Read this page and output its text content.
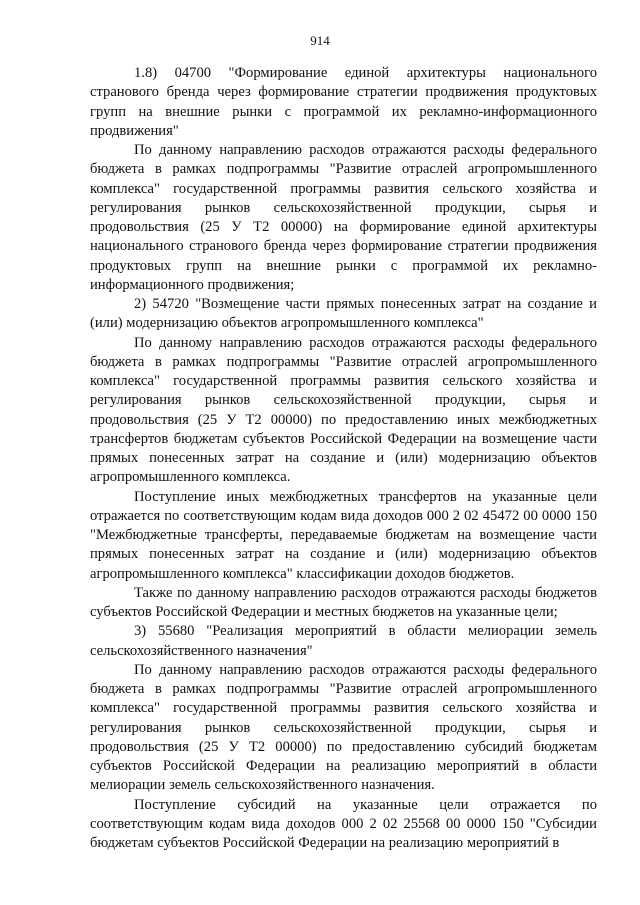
914

1.8) 04700 "Формирование единой архитектуры национального странового бренда через формирование стратегии продвижения продуктовых групп на внешние рынки с программой их рекламно-информационного продвижения"

По данному направлению расходов отражаются расходы федерального бюджета в рамках подпрограммы "Развитие отраслей агропромышленного комплекса" государственной программы развития сельского хозяйства и регулирования рынков сельскохозяйственной продукции, сырья и продовольствия (25 У Т2 00000) на формирование единой архитектуры национального странового бренда через формирование стратегии продвижения продуктовых групп на внешние рынки с программой их рекламно-информационного продвижения;

2) 54720 "Возмещение части прямых понесенных затрат на создание и (или) модернизацию объектов агропромышленного комплекса"

По данному направлению расходов отражаются расходы федерального бюджета в рамках подпрограммы "Развитие отраслей агропромышленного комплекса" государственной программы развития сельского хозяйства и регулирования рынков сельскохозяйственной продукции, сырья и продовольствия (25 У Т2 00000) по предоставлению иных межбюджетных трансфертов бюджетам субъектов Российской Федерации на возмещение части прямых понесенных затрат на создание и (или) модернизацию объектов агропромышленного комплекса.

Поступление иных межбюджетных трансфертов на указанные цели отражается по соответствующим кодам вида доходов 000 2 02 45472 00 0000 150 "Межбюджетные трансферты, передаваемые бюджетам на возмещение части прямых понесенных затрат на создание и (или) модернизацию объектов агропромышленного комплекса" классификации доходов бюджетов.

Также по данному направлению расходов отражаются расходы бюджетов субъектов Российской Федерации и местных бюджетов на указанные цели;

3) 55680 "Реализация мероприятий в области мелиорации земель сельскохозяйственного назначения"

По данному направлению расходов отражаются расходы федерального бюджета в рамках подпрограммы "Развитие отраслей агропромышленного комплекса" государственной программы развития сельского хозяйства и регулирования рынков сельскохозяйственной продукции, сырья и продовольствия (25 У Т2 00000) по предоставлению субсидий бюджетам субъектов Российской Федерации на реализацию мероприятий в области мелиорации земель сельскохозяйственного назначения.

Поступление субсидий на указанные цели отражается по соответствующим кодам вида доходов 000 2 02 25568 00 0000 150 "Субсидии бюджетам субъектов Российской Федерации на реализацию мероприятий в
